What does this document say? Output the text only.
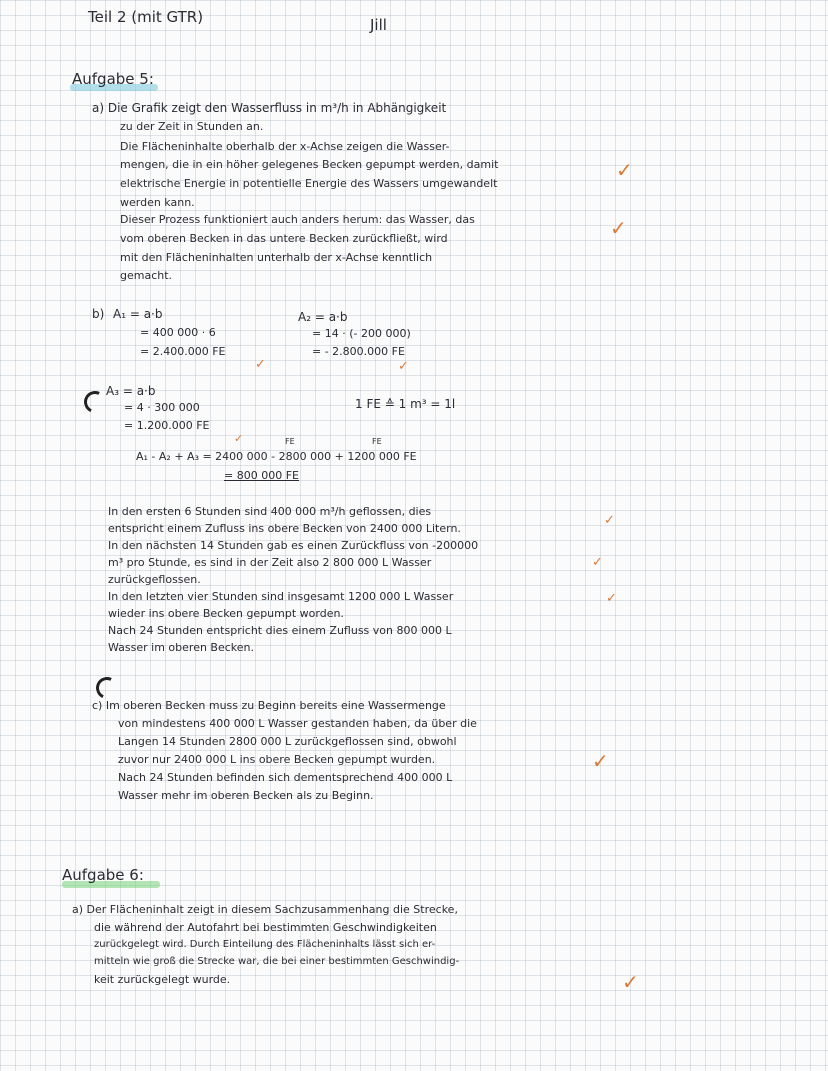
Teil 2 (mit GTR)	Jill
Aufgabe 5:
a) Die Grafik zeigt den Wasserfluss in m³/h in Abhängigkeit
zu der Zeit in Stunden an.
Die Flächeninhalte oberhalb der x-Achse zeigen die Wasser-
mengen, die in ein höher gelegenes Becken gepumpt werden, damit
elektrische Energie in potentielle Energie des Wassers umgewandelt
werden kann.
Dieser Prozess funktioniert auch anders herum: das Wasser, das
vom oberen Becken in das untere Becken zurückfließt, wird
mit den Flächeninhalten unterhalb der x-Achse kenntlich
gemacht.
✓
✓
b) A₁ = a·b
= 400 000 · 6
= 2.400.000 FE
A₂ = a·b
= 14 · (- 200 000)
= - 2.800.000 FE
✓	✓
A₃ = a·b
= 4 · 300 000
= 1.200.000 FE
1 FE ≙ 1 m³ = 1l
✓	FE	FE
A₁ - A₂ + A₃ = 2400 000 - 2800 000 + 1200 000 FE
= 800 000 FE
In den ersten 6 Stunden sind 400 000 m³/h geflossen, dies
entspricht einem Zufluss ins obere Becken von 2400 000 Litern.
In den nächsten 14 Stunden gab es einen Zurückfluss von -200000
m³ pro Stunde, es sind in der Zeit also 2 800 000 L Wasser
zurückgeflossen.
In den letzten vier Stunden sind insgesamt 1200 000 L Wasser
wieder ins obere Becken gepumpt worden.
Nach 24 Stunden entspricht dies einem Zufluss von 800 000 L
Wasser im oberen Becken.
✓
✓
✓
c) Im oberen Becken muss zu Beginn bereits eine Wassermenge
von mindestens 400 000 L Wasser gestanden haben, da über die
Langen 14 Stunden 2800 000 L zurückgeflossen sind, obwohl
zuvor nur 2400 000 L ins obere Becken gepumpt wurden.
Nach 24 Stunden befinden sich dementsprechend 400 000 L
Wasser mehr im oberen Becken als zu Beginn.
✓
Aufgabe 6:
a) Der Flächeninhalt zeigt in diesem Sachzusammenhang die Strecke,
die während der Autofahrt bei bestimmten Geschwindigkeiten
zurückgelegt wird. Durch Einteilung des Flächeninhalts lässt sich er-
mitteln wie groß die Strecke war, die bei einer bestimmten Geschwindig-
keit zurückgelegt wurde.	✓
